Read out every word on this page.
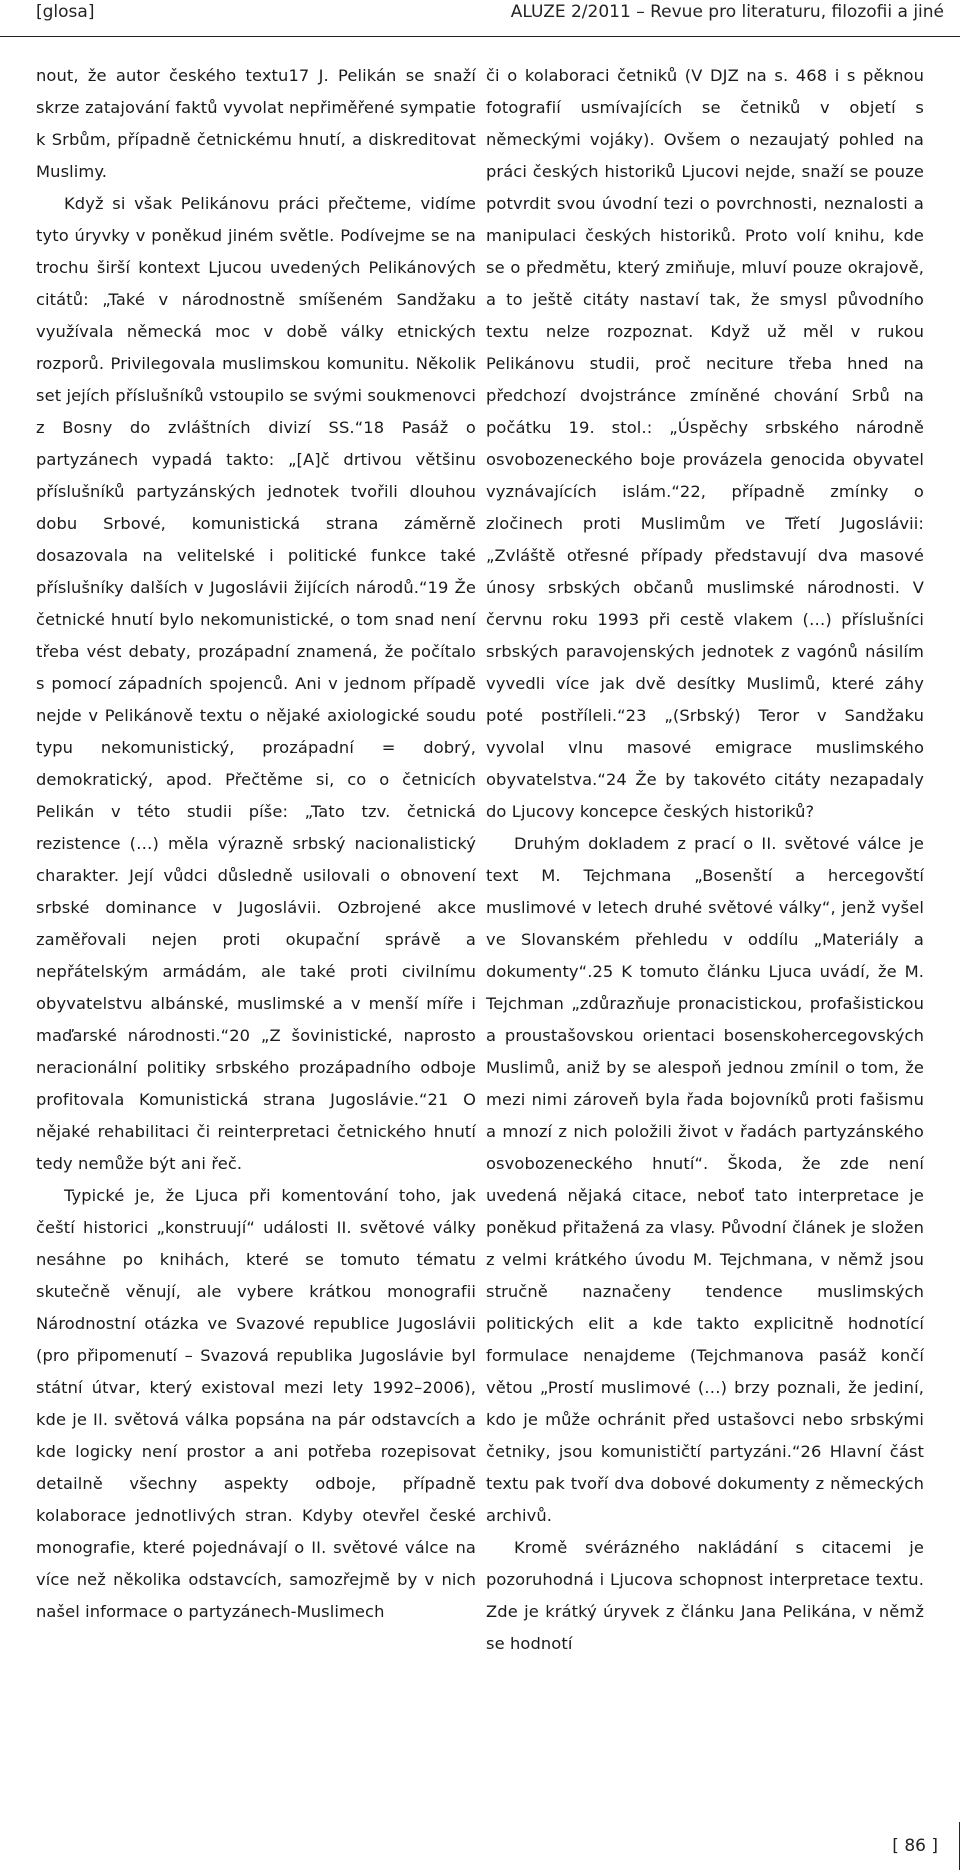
[glosa]	ALUZE 2/2011 – Revue pro literaturu, filozofii a jiné

nout, že autor českého textu17 J. Pelikán se snaží skrze zatajování faktů vyvolat nepřiměřené sympatie k Srbům, případně četnickému hnutí, a diskreditovat Muslimy.

Když si však Pelikánovu práci přečteme, vidíme tyto úryvky v poněkud jiném světle. Podívejme se na trochu širší kontext Ljucou uvedených Pelikánových citátů: „Také v národnostně smíšeném Sandžaku využívala německá moc v době války etnických rozporů. Privilegovala muslimskou komunitu. Několik set jejích příslušníků vstoupilo se svými soukmenovci z Bosny do zvláštních divizí SS.“18 Pasáž o partyzánech vypadá takto: „[A]č drtivou většinu příslušníků partyzánských jednotek tvořili dlouhou dobu Srbové, komunistická strana záměrně dosazovala na velitelské i politické funkce také příslušníky dalších v Jugoslávii žijících národů.“19 Že četnické hnutí bylo nekomunistické, o tom snad není třeba vést debaty, prozápadní znamená, že počítalo s pomocí západních spojenců. Ani v jednom případě nejde v Pelikánově textu o nějaké axiologické soudu typu nekomunistický, prozápadní = dobrý, demokratický, apod. Přečtěme si, co o četnicích Pelikán v této studii píše: „Tato tzv. četnická rezistence (…) měla výrazně srbský nacionalistický charakter. Její vůdci důsledně usilovali o obnovení srbské dominance v Jugoslávii. Ozbrojené akce zaměřovali nejen proti okupační správě a nepřátelským armádám, ale také proti civilnímu obyvatelstvu albánské, muslimské a v menší míře i maďarské národnosti.“20 „Z šovinistické, naprosto neracionální politiky srbského prozápadního odboje profitovala Komunistická strana Jugoslávie.“21 O nějaké rehabilitaci či reinterpretaci četnického hnutí tedy nemůže být ani řeč.

Typické je, že Ljuca při komentování toho, jak čeští historici „konstruují“ události II. světové války nesáhne po knihách, které se tomuto tématu skutečně věnují, ale vybere krátkou monografii Národnostní otázka ve Svazové republice Jugoslávii (pro připomenutí – Svazová republika Jugoslávie byl státní útvar, který existoval mezi lety 1992–2006), kde je II. světová válka popsána na pár odstavcích a kde logicky není prostor a ani potřeba rozepisovat detailně všechny aspekty odboje, případně kolaborace jednotlivých stran. Kdyby otevřel české monografie, které pojednávají o II. světové válce na více než několika odstavcích, samozřejmě by v nich našel informace o partyzánech-Muslimech

či o kolaboraci četniků (V DJZ na s. 468 i s pěknou fotografií usmívajících se četniků v objetí s německými vojáky). Ovšem o nezaujatý pohled na práci českých historiků Ljucovi nejde, snaží se pouze potvrdit svou úvodní tezi o povrchnosti, neznalosti a manipulaci českých historiků. Proto volí knihu, kde se o předmětu, který zmiňuje, mluví pouze okrajově, a to ještě citáty nastaví tak, že smysl původního textu nelze rozpoznat. Když už měl v rukou Pelikánovu studii, proč neciture třeba hned na předchozí dvojstránce zmíněné chování Srbů na počátku 19. stol.: „Úspěchy srbského národně osvobozeneckého boje provázela genocida obyvatel vyznávajících islám.“22, případně zmínky o zločinech proti Muslimům ve Třetí Jugoslávii: „Zvláště otřesné případy představují dva masové únosy srbských občanů muslimské národnosti. V červnu roku 1993 při cestě vlakem (…) příslušníci srbských paravojenských jednotek z vagónů násilím vyvedli více jak dvě desítky Muslimů, které záhy poté postříleli.“23 „(Srbský) Teror v Sandžaku vyvolal vlnu masové emigrace muslimského obyvatelstva.“24 Že by takovéto citáty nezapadaly do Ljucovy koncepce českých historiků?

Druhým dokladem z prací o II. světové válce je text M. Tejchmana „Bosenští a hercegovští muslimové v letech druhé světové války“, jenž vyšel ve Slovanském přehledu v oddílu „Materiály a dokumenty“.25 K tomuto článku Ljuca uvádí, že M. Tejchman „zdůrazňuje pronacistickou, profašistickou a proustašovskou orientaci bosenskohercegovských Muslimů, aniž by se alespoň jednou zmínil o tom, že mezi nimi zároveň byla řada bojovníků proti fašismu a mnozí z nich položili život v řadách partyzánského osvobozeneckého hnutí“. Škoda, že zde není uvedená nějaká citace, neboť tato interpretace je poněkud přitažená za vlasy. Původní článek je složen z velmi krátkého úvodu M. Tejchmana, v němž jsou stručně naznačeny tendence muslimských politických elit a kde takto explicitně hodnotící formulace nenajdeme (Tejchmanova pasáž končí větou „Prostí muslimové (…) brzy poznali, že jediní, kdo je může ochránit před ustašovci nebo srbskými četniky, jsou komunističtí partyzáni.“26 Hlavní část textu pak tvoří dva dobové dokumenty z německých archivů.

Kromě svérázného nakládání s citacemi je pozoruhodná i Ljucova schopnost interpretace textu. Zde je krátký úryvek z článku Jana Pelikána, v němž se hodnotí

[ 86 ]
